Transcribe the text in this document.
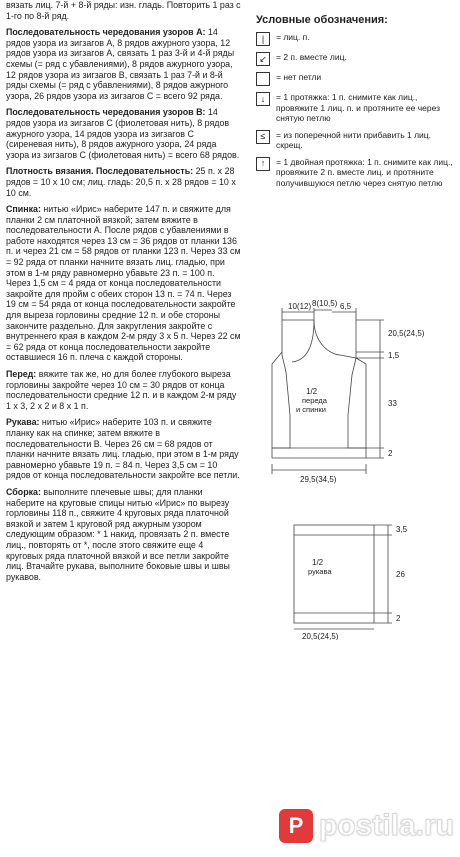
вязать лиц. 7-й + 8-й ряды: изн. гладь. Повторить 1 раз с 1-го по 8-й ряд.

Последовательность чередования узоров А: 14 рядов узора из зигзагов A, 8 рядов ажурного узора, 12 рядов узора из зигзагов A, связать 1 раз 3-й и 4-й ряды схемы (= ряд с убавлениями), 8 рядов ажурного узора, 12 рядов узора из зигзагов В, связать 1 раз 7-й и 8-й ряды схемы (= ряд с убавлениями), 8 рядов ажурного узора, 26 рядов узора из зигзагов C = всего 92 ряда.

Последовательность чередования узоров B: 14 рядов узора из зигзагов С (фиолетовая нить), 8 рядов ажурного узора, 14 рядов узора из зигзагов C (сиреневая нить), 8 рядов ажурного узора, 24 ряда узора из зигзагов С (фиолетовая нить) = всего 68 рядов.

Плотность вязания. Последовательность: 25 п. x 28 рядов = 10 x 10 см; лиц. гладь: 20,5 п. x 28 рядов = 10 x 10 см.

Спинка: нитью «Ирис» наберите 147 п. и свяжите для планки 2 см платочной вязкой; затем вяжите в последовательности А. После рядов с убавлениями в работе находятся через 13 см = 36 рядов от планки 136 п. и через 21 см = 58 рядов от планки 123 п. Через 33 см = 92 ряда от планки начните вязать лиц. гладью, при этом в 1-м ряду равномерно убавьте 23 п. = 100 п. Через 1,5 см = 4 ряда от конца последовательности закройте для пройм с обеих сторон 13 п. = 74 п. Через 19 см = 54 ряда от конца последовательности закройте для выреза горловины средние 12 п. и обе стороны закончите раздельно. Для закругления закройте с внутреннего края в каждом 2-м ряду 3 x 5 п. Через 22 см = 62 ряда от конца последовательности закройте оставшиеся 16 п. плеча с каждой стороны.

Перед: вяжите так же, но для более глубокого выреза горловины закройте через 10 см = 30 рядов от конца последовательности средние 12 п. и в каждом 2-м ряду 1 x 3, 2 x 2 и 8 x 1 п.

Рукава: нитью «Ирис» наберите 103 п. и свяжите планку как на спинке; затем вяжите в последовательности B. Через 26 см = 68 рядов от планки начните вязать лиц. гладью, при этом в 1-м ряду равномерно убавьте 19 п. = 84 п. Через 3,5 см = 10 рядов от конца последовательности закройте все петли.

Сборка: выполните плечевые швы; для планки наберите на круговые спицы нитью «Ирис» по вырезу горловины 118 п., свяжите 4 круговых ряда платочной вязкой и затем 1 круговой ряд ажурным узором следующим образом: * 1 накид, провязать 2 п. вместе лиц., повторять от *, после этого свяжите еще 4 круговых ряда платочной вязкой и все петли закройте лиц. Втачайте рукава, выполните боковые швы и швы рукавов.

Условные обозначения:
|	= лиц. п.
↙	= 2 п. вместе лиц.
= нет петли
↓	= 1 протяжка: 1 п. снимите как лиц., провяжите 1 лиц. п. и протяните ее через снятую петлю
≤	= из поперечной нити прибавить 1 лиц. скрещ.
↑	= 1 двойная протяжка: 1 п. снимите как лиц., провяжите 2 п. вместе лиц. и протяните получившуюся петлю через снятую петлю
10(12) 8(10,5) 6,5
20,5(24,5)
1,5
33
2
1/2
переда
и спинки
29,5(34,5)
3,5
26
2
1/2
рукава
20,5(24,5)
P postila.ru
